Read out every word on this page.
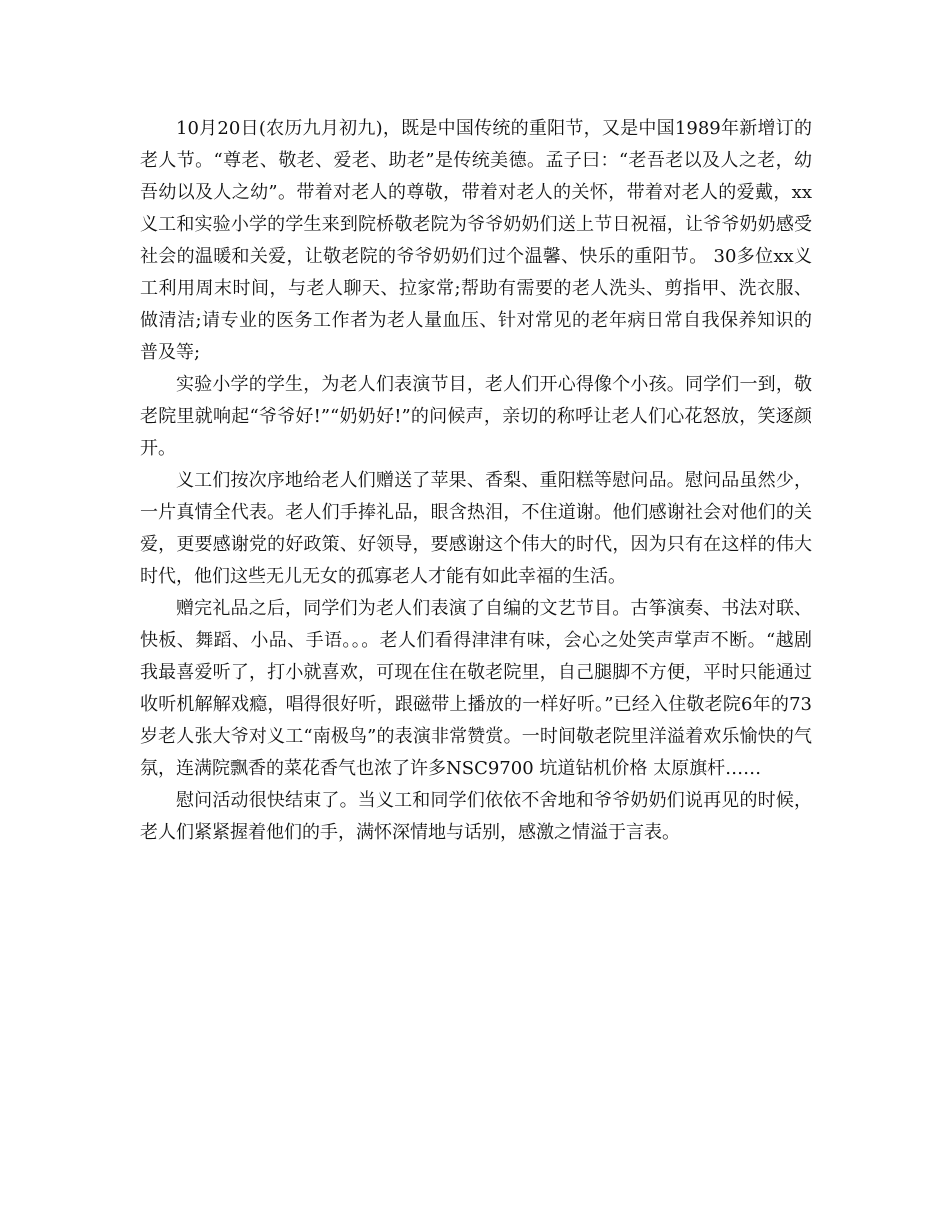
10月20日(农历九月初九)，既是中国传统的重阳节，又是中国1989年新增订的老人节。“尊老、敬老、爱老、助老”是传统美德。孟子曰：“老吾老以及人之老，幼吾幼以及人之幼”。带着对老人的尊敬，带着对老人的关怀，带着对老人的爱戴，xx义工和实验小学的学生来到院桥敬老院为爷爷奶奶们送上节日祝福，让爷爷奶奶感受社会的温暖和关爱，让敬老院的爷爷奶奶们过个温馨、快乐的重阳节。 30多位xx义工利用周末时间，与老人聊天、拉家常;帮助有需要的老人洗头、剪指甲、洗衣服、做清洁;请专业的医务工作者为老人量血压、针对常见的老年病日常自我保养知识的普及等;

实验小学的学生，为老人们表演节目，老人们开心得像个小孩。同学们一到，敬老院里就响起“爷爷好!”“奶奶好!”的问候声，亲切的称呼让老人们心花怒放，笑逐颜开。

义工们按次序地给老人们赠送了苹果、香梨、重阳糕等慰问品。慰问品虽然少，一片真情全代表。老人们手捧礼品，眼含热泪，不住道谢。他们感谢社会对他们的关爱，更要感谢党的好政策、好领导，要感谢这个伟大的时代，因为只有在这样的伟大时代，他们这些无儿无女的孤寡老人才能有如此幸福的生活。

赠完礼品之后，同学们为老人们表演了自编的文艺节目。古筝演奏、书法对联、快板、舞蹈、小品、手语。。。老人们看得津津有味，会心之处笑声掌声不断。“越剧我最喜爱听了，打小就喜欢，可现在住在敬老院里，自己腿脚不方便，平时只能通过收听机解解戏瘾，唱得很好听，跟磁带上播放的一样好听。”已经入住敬老院6年的73岁老人张大爷对义工“南极鸟”的表演非常赞赏。一时间敬老院里洋溢着欢乐愉快的气氛，连满院飘香的菜花香气也浓了许多NSC9700 坑道钻机价格 太原旗杆……

慰问活动很快结束了。当义工和同学们依依不舍地和爷爷奶奶们说再见的时候，老人们紧紧握着他们的手，满怀深情地与话别，感激之情溢于言表。
